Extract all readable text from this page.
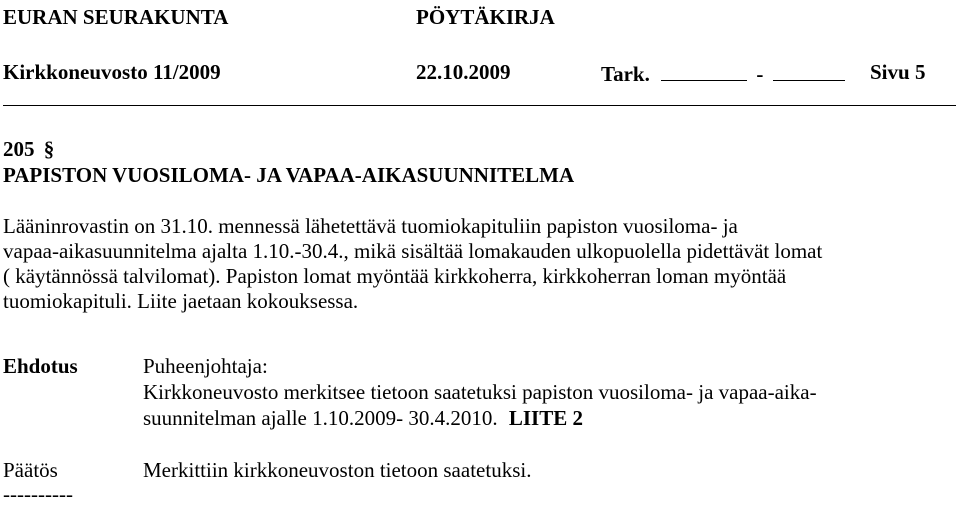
EURAN SEURAKUNTA	PÖYTÄKIRJA
Kirkkoneuvosto 11/2009	22.10.2009	Tark.	-	Sivu 5
205 §
PAPISTON VUOSILOMA- JA VAPAA-AIKASUUNNITELMA
Lääninrovastin on 31.10. mennessä lähetettävä tuomiokapituliin papiston vuosiloma- ja
vapaa-aikasuunnitelma ajalta 1.10.-30.4., mikä sisältää lomakauden ulkopuolella pidettävät lomat
( käytännössä talvilomat). Papiston lomat myöntää kirkkoherra, kirkkoherran loman myöntää
tuomiokapituli. Liite jaetaan kokouksessa.
Ehdotus	Puheenjohtaja:
Kirkkoneuvosto merkitsee tietoon saatetuksi papiston vuosiloma- ja vapaa-aika-
suunnitelman ajalle 1.10.2009- 30.4.2010. LIITE 2
Päätös	Merkittiin kirkkoneuvoston tietoon saatetuksi.
----------
